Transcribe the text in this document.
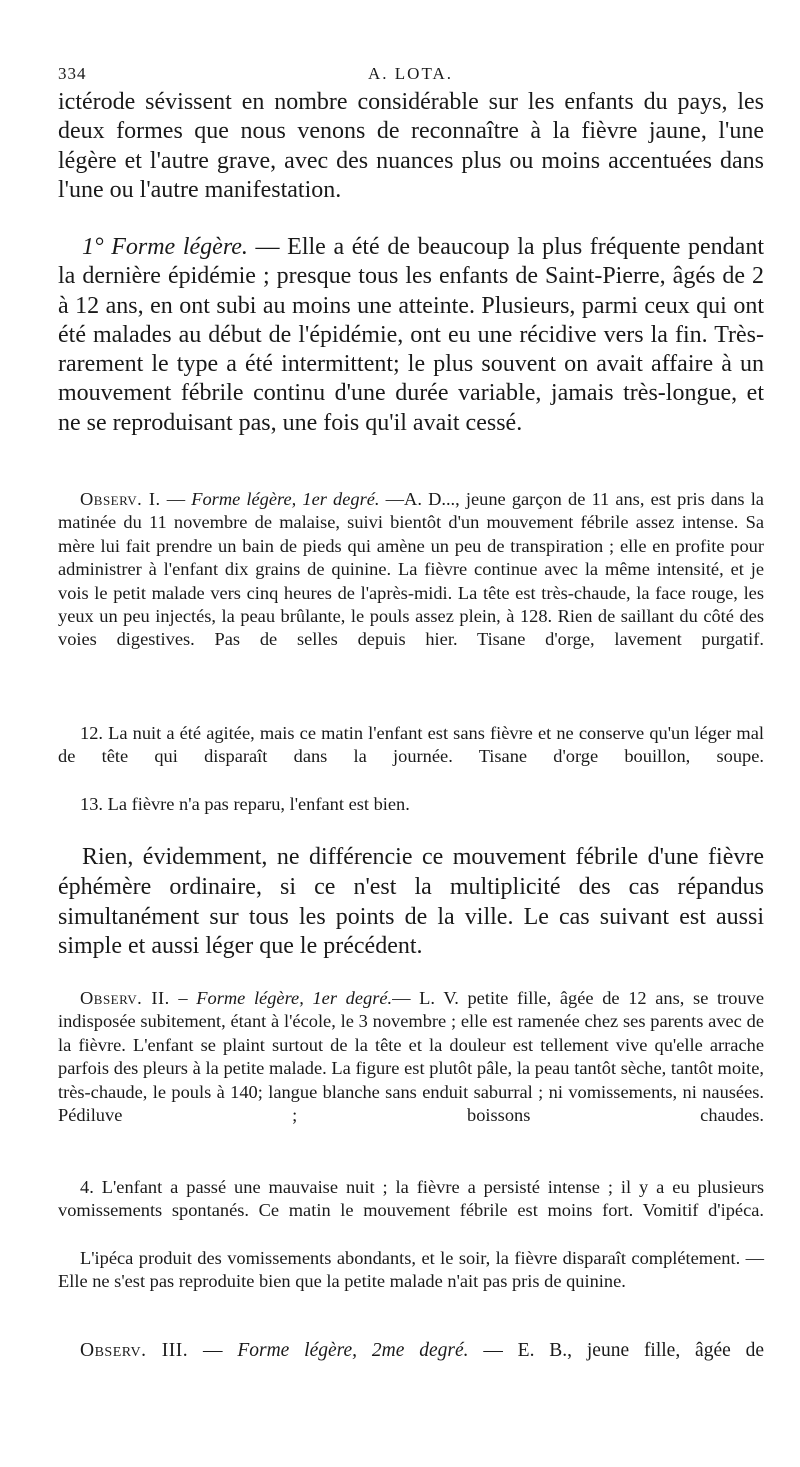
334	A. LOTA.

ictérode sévissent en nombre considérable sur les enfants du pays, les deux formes que nous venons de reconnaître à la fièvre jaune, l'une légère et l'autre grave, avec des nuances plus ou moins accentuées dans l'une ou l'autre manifestation.

1° Forme légère. — Elle a été de beaucoup la plus fréquente pendant la dernière épidémie ; presque tous les enfants de Saint-Pierre, âgés de 2 à 12 ans, en ont subi au moins une atteinte. Plusieurs, parmi ceux qui ont été malades au début de l'épidémie, ont eu une récidive vers la fin. Très-rarement le type a été intermittent; le plus souvent on avait affaire à un mouvement fébrile continu d'une durée variable, jamais très-longue, et ne se reproduisant pas, une fois qu'il avait cessé.

Observ. I. — Forme légère, 1er degré. —A. D..., jeune garçon de 11 ans, est pris dans la matinée du 11 novembre de malaise, suivi bientôt d'un mouvement fébrile assez intense. Sa mère lui fait prendre un bain de pieds qui amène un peu de transpiration ; elle en profite pour administrer à l'enfant dix grains de quinine. La fièvre continue avec la même intensité, et je vois le petit malade vers cinq heures de l'après-midi. La tête est très-chaude, la face rouge, les yeux un peu injectés, la peau brûlante, le pouls assez plein, à 128. Rien de saillant du côté des voies digestives. Pas de selles depuis hier. Tisane d'orge, lavement purgatif.

12. La nuit a été agitée, mais ce matin l'enfant est sans fièvre et ne conserve qu'un léger mal de tête qui disparaît dans la journée. Tisane d'orge bouillon, soupe.

13. La fièvre n'a pas reparu, l'enfant est bien.

Rien, évidemment, ne différencie ce mouvement fébrile d'une fièvre éphémère ordinaire, si ce n'est la multiplicité des cas répandus simultanément sur tous les points de la ville. Le cas suivant est aussi simple et aussi léger que le précédent.

Observ. II. – Forme légère, 1er degré.— L. V. petite fille, âgée de 12 ans, se trouve indisposée subitement, étant à l'école, le 3 novembre ; elle est ramenée chez ses parents avec de la fièvre. L'enfant se plaint surtout de la tête et la douleur est tellement vive qu'elle arrache parfois des pleurs à la petite malade. La figure est plutôt pâle, la peau tantôt sèche, tantôt moite, très-chaude, le pouls à 140; langue blanche sans enduit saburral ; ni vomissements, ni nausées. Pédiluve ; boissons chaudes.

4. L'enfant a passé une mauvaise nuit ; la fièvre a persisté intense ; il y a eu plusieurs vomissements spontanés. Ce matin le mouvement fébrile est moins fort. Vomitif d'ipéca.

L'ipéca produit des vomissements abondants, et le soir, la fièvre disparaît complétement. — Elle ne s'est pas reproduite bien que la petite malade n'ait pas pris de quinine.

Observ. III. — Forme légère, 2me degré. — E. B., jeune fille, âgée de
